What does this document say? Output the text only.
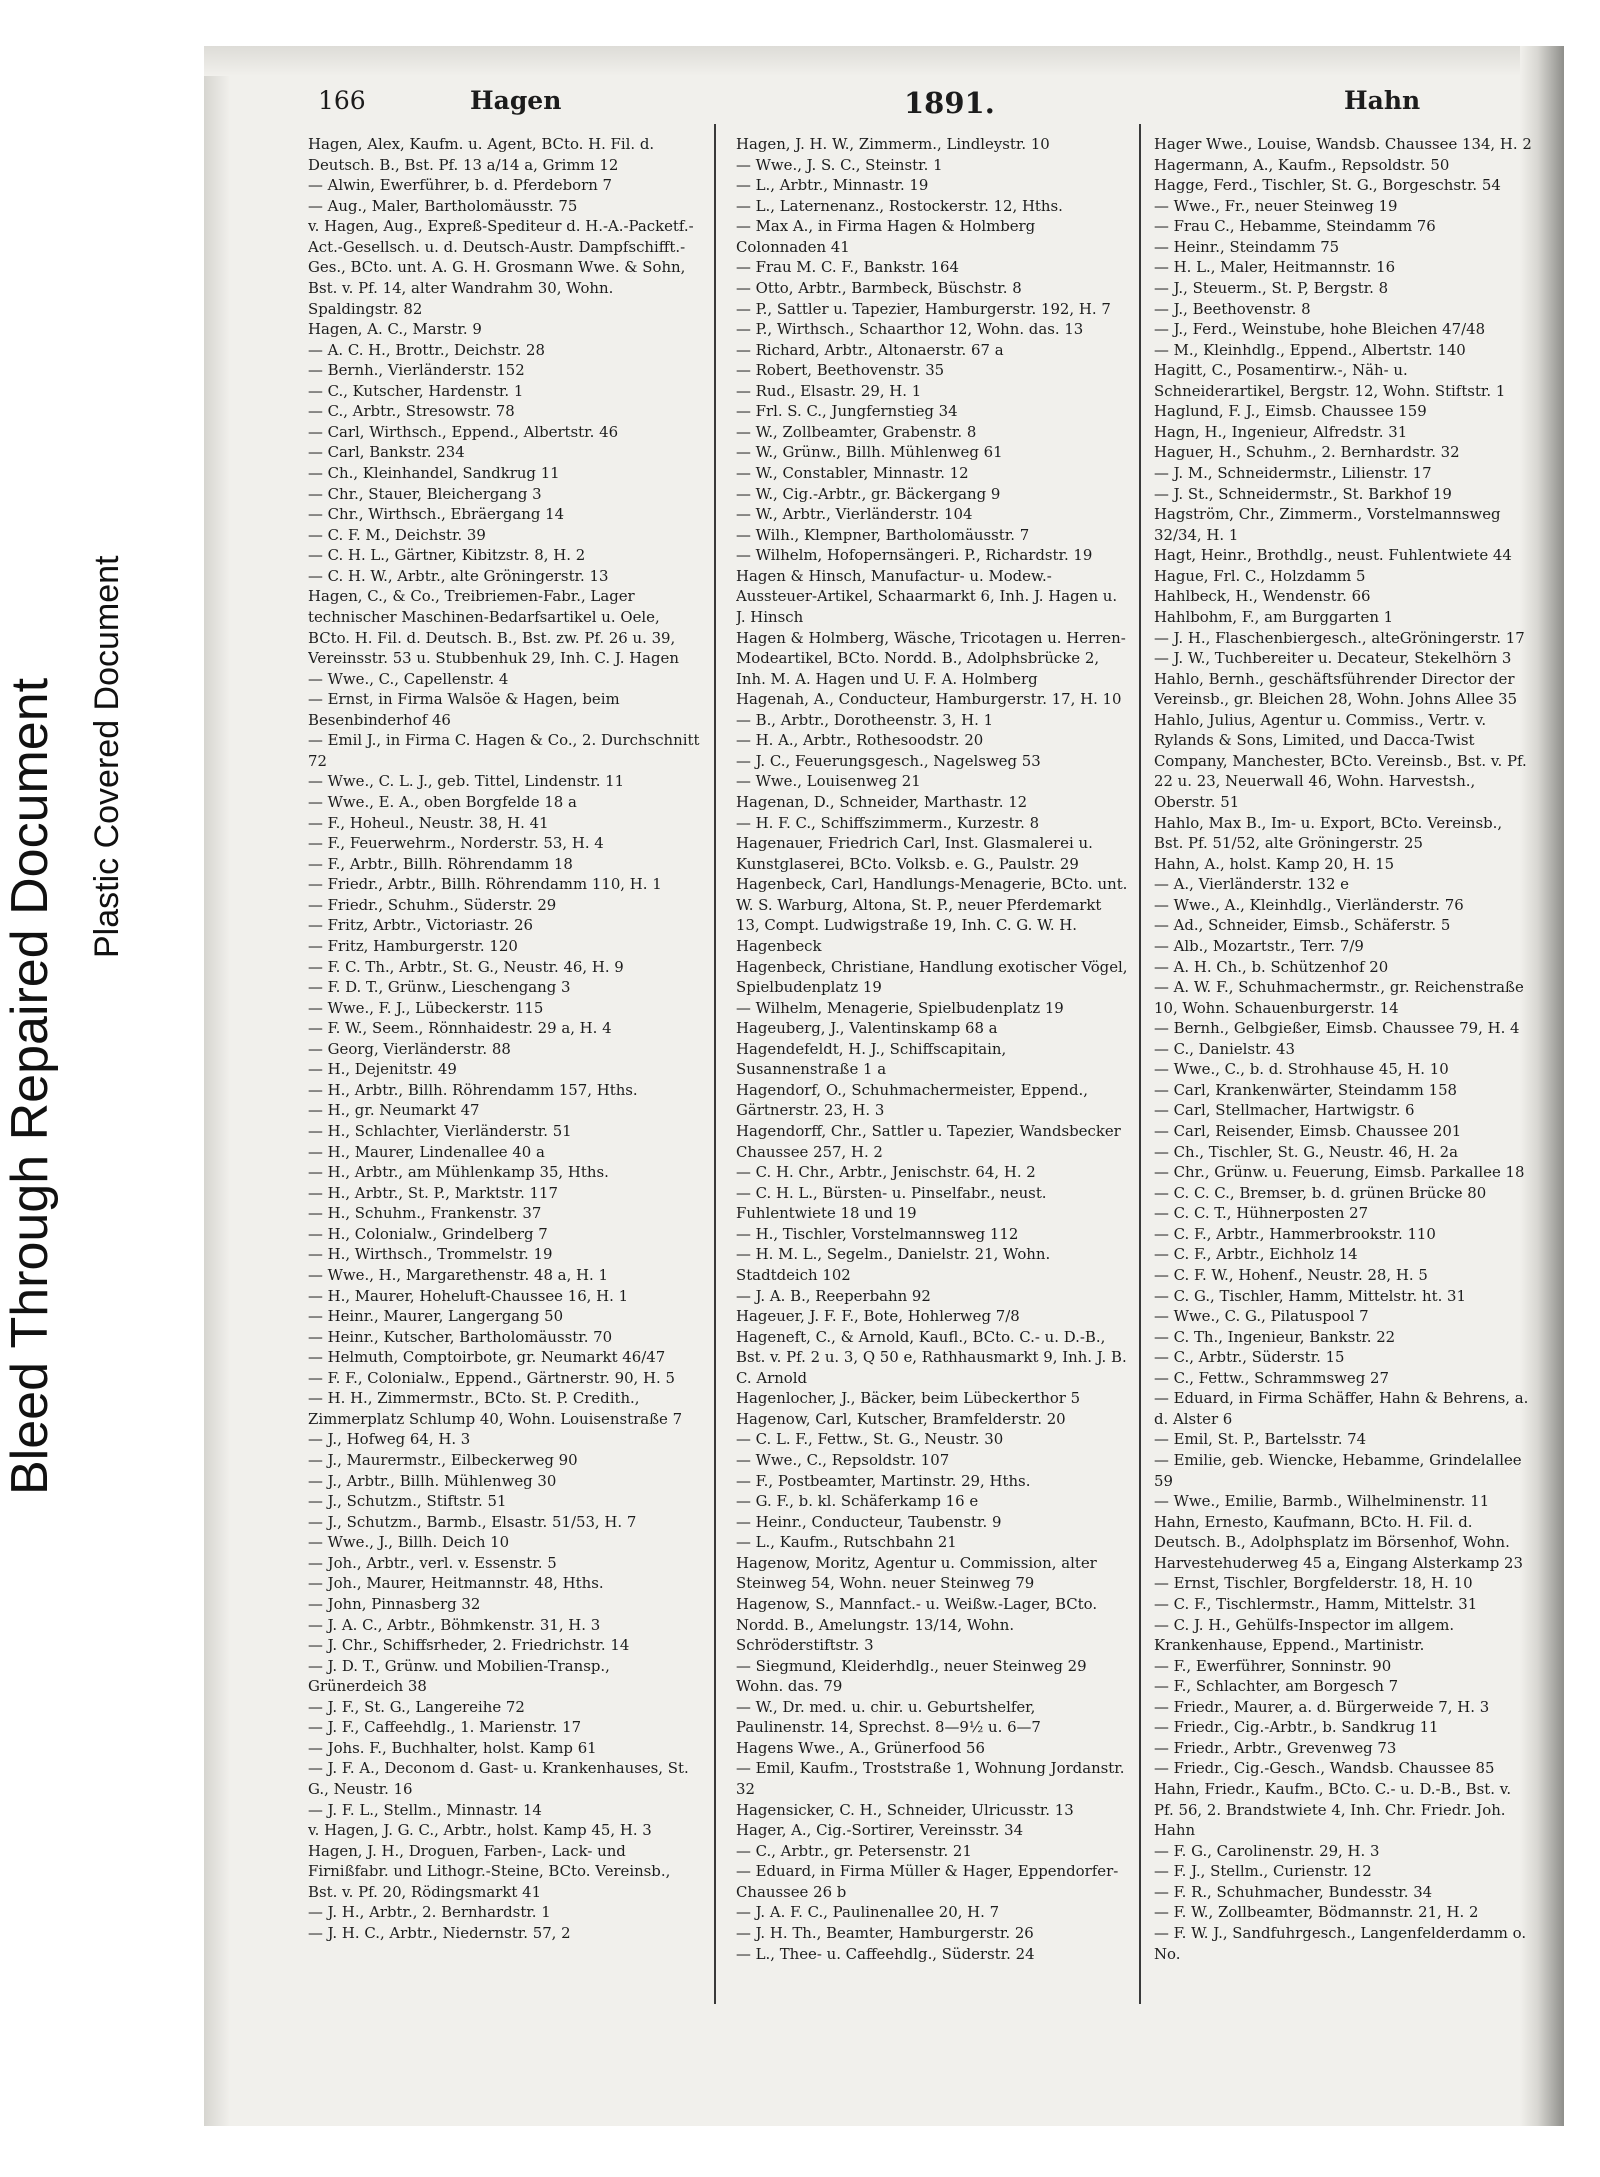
Bleed Through Repaired Document Plastic Covered Document
166	Hagen	1891.	Hahn
Hagen, Alex, Kaufm. u. Agent, BCto. H. Fil. d. Deutsch. B., Bst. Pf. 13 a/14 a, Grimm 12
— Alwin, Ewerführer, b. d. Pferdeborn 7
— Aug., Maler, Bartholomäusstr. 75
v. Hagen, Aug., Expreß-Spediteur d. H.-A.-Packetf.-Act.-Gesellsch. u. d. Deutsch-Austr. Dampfschifft.-Ges., BCto. unt. A. G. H. Grosmann Wwe. & Sohn, Bst. v. Pf. 14, alter Wandrahm 30, Wohn. Spaldingstr. 82
Hagen, A. C., Marstr. 9
— A. C. H., Brottr., Deichstr. 28
— Bernh., Vierländerstr. 152
— C., Kutscher, Hardenstr. 1
— C., Arbtr., Stresowstr. 78
— Carl, Wirthsch., Eppend., Albertstr. 46
— Carl, Bankstr. 234
— Ch., Kleinhandel, Sandkrug 11
— Chr., Stauer, Bleichergang 3
— Chr., Wirthsch., Ebräergang 14
— C. F. M., Deichstr. 39
— C. H. L., Gärtner, Kibitzstr. 8, H. 2
— C. H. W., Arbtr., alte Gröningerstr. 13
Hagen, C., & Co., Treibriemen-Fabr., Lager technischer Maschinen-Bedarfsartikel u. Oele, BCto. H. Fil. d. Deutsch. B., Bst. zw. Pf. 26 u. 39, Vereinsstr. 53 u. Stubbenhuk 29, Inh. C. J. Hagen
— Wwe., C., Capellenstr. 4
— Ernst, in Firma Walsöe & Hagen, beim Besenbinderhof 46
— Emil J., in Firma C. Hagen & Co., 2. Durchschnitt 72
— Wwe., C. L. J., geb. Tittel, Lindenstr. 11
— Wwe., E. A., oben Borgfelde 18 a
— F., Hoheul., Neustr. 38, H. 41
— F., Feuerwehrm., Norderstr. 53, H. 4
— F., Arbtr., Billh. Röhrendamm 18
— Friedr., Arbtr., Billh. Röhrendamm 110, H. 1
— Friedr., Schuhm., Süderstr. 29
— Fritz, Arbtr., Victoriastr. 26
— Fritz, Hamburgerstr. 120
— F. C. Th., Arbtr., St. G., Neustr. 46, H. 9
— F. D. T., Grünw., Lieschengang 3
— Wwe., F. J., Lübeckerstr. 115
— F. W., Seem., Rönnhaidestr. 29 a, H. 4
— Georg, Vierländerstr. 88
— H., Dejenitstr. 49
— H., Arbtr., Billh. Röhrendamm 157, Hths.
— H., gr. Neumarkt 47
— H., Schlachter, Vierländerstr. 51
— H., Maurer, Lindenallee 40 a
— H., Arbtr., am Mühlenkamp 35, Hths.
— H., Arbtr., St. P., Marktstr. 117
— H., Schuhm., Frankenstr. 37
— H., Colonialw., Grindelberg 7
— H., Wirthsch., Trommelstr. 19
— Wwe., H., Margarethenstr. 48 a, H. 1
— H., Maurer, Hoheluft-Chaussee 16, H. 1
— Heinr., Maurer, Langergang 50
— Heinr., Kutscher, Bartholomäusstr. 70
— Helmuth, Comptoirbote, gr. Neumarkt 46/47
— F. F., Colonialw., Eppend., Gärtnerstr. 90, H. 5
— H. H., Zimmermstr., BCto. St. P. Credith., Zimmerplatz Schlump 40, Wohn. Louisenstraße 7
— J., Hofweg 64, H. 3
— J., Maurermstr., Eilbeckerweg 90
— J., Arbtr., Billh. Mühlenweg 30
— J., Schutzm., Stiftstr. 51
— J., Schutzm., Barmb., Elsastr. 51/53, H. 7
— Wwe., J., Billh. Deich 10
— Joh., Arbtr., verl. v. Essenstr. 5
— Joh., Maurer, Heitmannstr. 48, Hths.
— John, Pinnasberg 32
— J. A. C., Arbtr., Böhmkenstr. 31, H. 3
— J. Chr., Schiffsrheder, 2. Friedrichstr. 14
— J. D. T., Grünw. und Mobilien-Transp., Grünerdeich 38
— J. F., St. G., Langereihe 72
— J. F., Caffeehdlg., 1. Marienstr. 17
— Johs. F., Buchhalter, holst. Kamp 61
— J. F. A., Deconom d. Gast- u. Krankenhauses, St. G., Neustr. 16
— J. F. L., Stellm., Minnastr. 14
v. Hagen, J. G. C., Arbtr., holst. Kamp 45, H. 3
Hagen, J. H., Droguen, Farben-, Lack- und Firnißfabr. und Lithogr.-Steine, BCto. Vereinsb., Bst. v. Pf. 20, Rödingsmarkt 41
— J. H., Arbtr., 2. Bernhardstr. 1
— J. H. C., Arbtr., Niedernstr. 57, 2
Hagen, J. H. W., Zimmerm., Lindleystr. 10
— Wwe., J. S. C., Steinstr. 1
— L., Arbtr., Minnastr. 19
— L., Laternenanz., Rostockerstr. 12, Hths.
— Max A., in Firma Hagen & Holmberg Colonnaden 41
— Frau M. C. F., Bankstr. 164
— Otto, Arbtr., Barmbeck, Büschstr. 8
— P., Sattler u. Tapezier, Hamburgerstr. 192, H. 7
— P., Wirthsch., Schaarthor 12, Wohn. das. 13
— Richard, Arbtr., Altonaerstr. 67 a
— Robert, Beethovenstr. 35
— Rud., Elsastr. 29, H. 1
— Frl. S. C., Jungfernstieg 34
— W., Zollbeamter, Grabenstr. 8
— W., Grünw., Billh. Mühlenweg 61
— W., Constabler, Minnastr. 12
— W., Cig.-Arbtr., gr. Bäckergang 9
— W., Arbtr., Vierländerstr. 104
— Wilh., Klempner, Bartholomäusstr. 7
— Wilhelm, Hofopernsängeri. P., Richardstr. 19
Hagen & Hinsch, Manufactur- u. Modew.-Aussteuer-Artikel, Schaarmarkt 6, Inh. J. Hagen u. J. Hinsch
Hagen & Holmberg, Wäsche, Tricotagen u. Herren-Modeartikel, BCto. Nordd. B., Adolphsbrücke 2, Inh. M. A. Hagen und U. F. A. Holmberg
Hagenah, A., Conducteur, Hamburgerstr. 17, H. 10
— B., Arbtr., Dorotheenstr. 3, H. 1
— H. A., Arbtr., Rothesoodstr. 20
— J. C., Feuerungsgesch., Nagelsweg 53
— Wwe., Louisenweg 21
Hagenan, D., Schneider, Marthastr. 12
— H. F. C., Schiffszimmerm., Kurzestr. 8
Hagenauer, Friedrich Carl, Inst. Glasmalerei u. Kunstglaserei, BCto. Volksb. e. G., Paulstr. 29
Hagenbeck, Carl, Handlungs-Menagerie, BCto. unt. W. S. Warburg, Altona, St. P., neuer Pferdemarkt 13, Compt. Ludwigstraße 19, Inh. C. G. W. H. Hagenbeck
Hagenbeck, Christiane, Handlung exotischer Vögel, Spielbudenplatz 19
— Wilhelm, Menagerie, Spielbudenplatz 19
Hageuberg, J., Valentinskamp 68 a
Hagendefeldt, H. J., Schiffscapitain, Susannenstraße 1 a
Hagendorf, O., Schuhmachermeister, Eppend., Gärtnerstr. 23, H. 3
Hagendorff, Chr., Sattler u. Tapezier, Wandsbecker Chaussee 257, H. 2
— C. H. Chr., Arbtr., Jenischstr. 64, H. 2
— C. H. L., Bürsten- u. Pinselfabr., neust. Fuhlentwiete 18 und 19
— H., Tischler, Vorstelmannsweg 112
— H. M. L., Segelm., Danielstr. 21, Wohn. Stadtdeich 102
— J. A. B., Reeperbahn 92
Hageuer, J. F. F., Bote, Hohlerweg 7/8
Hageneft, C., & Arnold, Kaufl., BCto. C.- u. D.-B., Bst. v. Pf. 2 u. 3, Q 50 e, Rathhausmarkt 9, Inh. J. B. C. Arnold
Hagenlocher, J., Bäcker, beim Lübeckerthor 5
Hagenow, Carl, Kutscher, Bramfelderstr. 20
— C. L. F., Fettw., St. G., Neustr. 30
— Wwe., C., Repsoldstr. 107
— F., Postbeamter, Martinstr. 29, Hths.
— G. F., b. kl. Schäferkamp 16 e
— Heinr., Conducteur, Taubenstr. 9
— L., Kaufm., Rutschbahn 21
Hagenow, Moritz, Agentur u. Commission, alter Steinweg 54, Wohn. neuer Steinweg 79
Hagenow, S., Mannfact.- u. Weißw.-Lager, BCto. Nordd. B., Amelungstr. 13/14, Wohn. Schröderstiftstr. 3
— Siegmund, Kleiderhdlg., neuer Steinweg 29 Wohn. das. 79
— W., Dr. med. u. chir. u. Geburtshelfer, Paulinenstr. 14, Sprechst. 8—9½ u. 6—7
Hagens Wwe., A., Grünerfood 56
— Emil, Kaufm., Troststraße 1, Wohnung Jordanstr. 32
Hagensicker, C. H., Schneider, Ulricusstr. 13
Hager, A., Cig.-Sortirer, Vereinsstr. 34
— C., Arbtr., gr. Petersenstr. 21
— Eduard, in Firma Müller & Hager, Eppendorfer-Chaussee 26 b
— J. A. F. C., Paulinenallee 20, H. 7
— J. H. Th., Beamter, Hamburgerstr. 26
— L., Thee- u. Caffeehdlg., Süderstr. 24
Hager Wwe., Louise, Wandsb. Chaussee 134, H. 2
Hagermann, A., Kaufm., Repsoldstr. 50
Hagge, Ferd., Tischler, St. G., Borgeschstr. 54
— Wwe., Fr., neuer Steinweg 19
— Frau C., Hebamme, Steindamm 76
— Heinr., Steindamm 75
— H. L., Maler, Heitmannstr. 16
— J., Steuerm., St. P, Bergstr. 8
— J., Beethovenstr. 8
— J., Ferd., Weinstube, hohe Bleichen 47/48
— M., Kleinhdlg., Eppend., Albertstr. 140
Hagitt, C., Posamentirw.-, Näh- u. Schneiderartikel, Bergstr. 12, Wohn. Stiftstr. 1
Haglund, F. J., Eimsb. Chaussee 159
Hagn, H., Ingenieur, Alfredstr. 31
Haguer, H., Schuhm., 2. Bernhardstr. 32
— J. M., Schneidermstr., Lilienstr. 17
— J. St., Schneidermstr., St. Barkhof 19
Hagström, Chr., Zimmerm., Vorstelmannsweg 32/34, H. 1
Hagt, Heinr., Brothdlg., neust. Fuhlentwiete 44
Hague, Frl. C., Holzdamm 5
Hahlbeck, H., Wendenstr. 66
Hahlbohm, F., am Burggarten 1
— J. H., Flaschenbiergesch., alteGröningerstr. 17
— J. W., Tuchbereiter u. Decateur, Stekelhörn 3
Hahlo, Bernh., geschäftsführender Director der Vereinsb., gr. Bleichen 28, Wohn. Johns Allee 35
Hahlo, Julius, Agentur u. Commiss., Vertr. v. Rylands & Sons, Limited, und Dacca-Twist Company, Manchester, BCto. Vereinsb., Bst. v. Pf. 22 u. 23, Neuerwall 46, Wohn. Harvestsh., Oberstr. 51
Hahlo, Max B., Im- u. Export, BCto. Vereinsb., Bst. Pf. 51/52, alte Gröningerstr. 25
Hahn, A., holst. Kamp 20, H. 15
— A., Vierländerstr. 132 e
— Wwe., A., Kleinhdlg., Vierländerstr. 76
— Ad., Schneider, Eimsb., Schäferstr. 5
— Alb., Mozartstr., Terr. 7/9
— A. H. Ch., b. Schützenhof 20
— A. W. F., Schuhmachermstr., gr. Reichenstraße 10, Wohn. Schauenburgerstr. 14
— Bernh., Gelbgießer, Eimsb. Chaussee 79, H. 4
— C., Danielstr. 43
— Wwe., C., b. d. Strohhause 45, H. 10
— Carl, Krankenwärter, Steindamm 158
— Carl, Stellmacher, Hartwigstr. 6
— Carl, Reisender, Eimsb. Chaussee 201
— Ch., Tischler, St. G., Neustr. 46, H. 2a
— Chr., Grünw. u. Feuerung, Eimsb. Parkallee 18
— C. C. C., Bremser, b. d. grünen Brücke 80
— C. C. T., Hühnerposten 27
— C. F., Arbtr., Hammerbrookstr. 110
— C. F., Arbtr., Eichholz 14
— C. F. W., Hohenf., Neustr. 28, H. 5
— C. G., Tischler, Hamm, Mittelstr. ht. 31
— Wwe., C. G., Pilatuspool 7
— C. Th., Ingenieur, Bankstr. 22
— C., Arbtr., Süderstr. 15
— C., Fettw., Schrammsweg 27
— Eduard, in Firma Schäffer, Hahn & Behrens, a. d. Alster 6
— Emil, St. P., Bartelsstr. 74
— Emilie, geb. Wiencke, Hebamme, Grindelallee 59
— Wwe., Emilie, Barmb., Wilhelminenstr. 11
Hahn, Ernesto, Kaufmann, BCto. H. Fil. d. Deutsch. B., Adolphsplatz im Börsenhof, Wohn. Harvestehuderweg 45 a, Eingang Alsterkamp 23
— Ernst, Tischler, Borgfelderstr. 18, H. 10
— C. F., Tischlermstr., Hamm, Mittelstr. 31
— C. J. H., Gehülfs-Inspector im allgem. Krankenhause, Eppend., Martinistr.
— F., Ewerführer, Sonninstr. 90
— F., Schlachter, am Borgesch 7
— Friedr., Maurer, a. d. Bürgerweide 7, H. 3
— Friedr., Cig.-Arbtr., b. Sandkrug 11
— Friedr., Arbtr., Grevenweg 73
— Friedr., Cig.-Gesch., Wandsb. Chaussee 85
Hahn, Friedr., Kaufm., BCto. C.- u. D.-B., Bst. v. Pf. 56, 2. Brandstwiete 4, Inh. Chr. Friedr. Joh. Hahn
— F. G., Carolinenstr. 29, H. 3
— F. J., Stellm., Curienstr. 12
— F. R., Schuhmacher, Bundesstr. 34
— F. W., Zollbeamter, Bödmannstr. 21, H. 2
— F. W. J., Sandfuhrgesch., Langenfelderdamm o. No.
